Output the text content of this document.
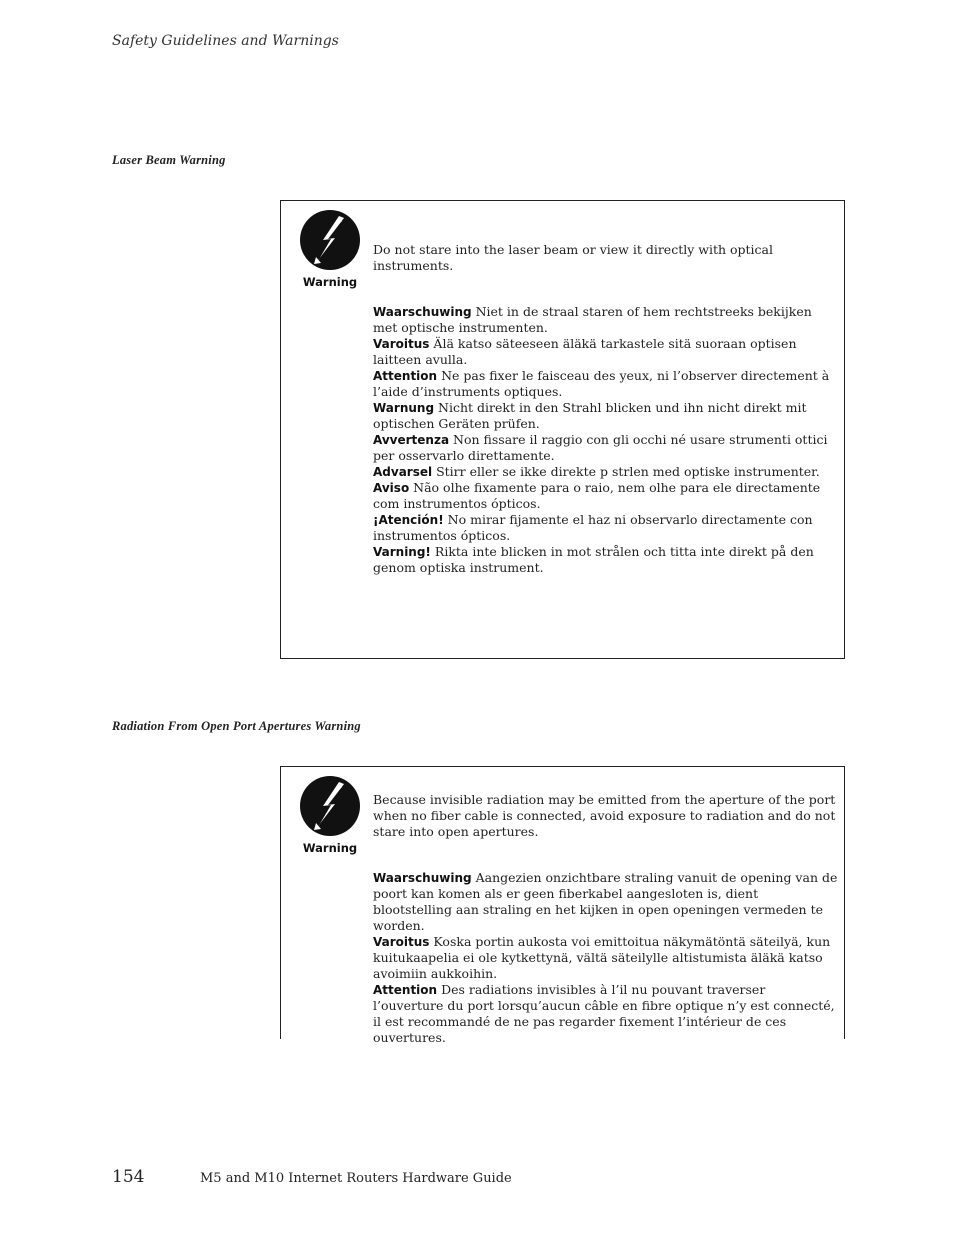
Safety Guidelines and Warnings
Laser Beam Warning
Warning

Do not stare into the laser beam or view it directly with optical instruments.

Waarschuwing Niet in de straal staren of hem rechtstreeks bekijken met optische instrumenten.

Varoitus Älä katso säteeseen äläkä tarkastele sitä suoraan optisen laitteen avulla.

Attention Ne pas fixer le faisceau des yeux, ni l’observer directement à l’aide d’instruments optiques.

Warnung Nicht direkt in den Strahl blicken und ihn nicht direkt mit optischen Geräten prüfen.

Avvertenza Non fissare il raggio con gli occhi né usare strumenti ottici per osservarlo direttamente.

Advarsel Stirr eller se ikke direkte p strlen med optiske instrumenter.

Aviso Não olhe fixamente para o raio, nem olhe para ele directamente com instrumentos ópticos.

¡Atención! No mirar fijamente el haz ni observarlo directamente con instrumentos ópticos.

Varning! Rikta inte blicken in mot strålen och titta inte direkt på den genom optiska instrument.

Radiation From Open Port Apertures Warning
Warning

Because invisible radiation may be emitted from the aperture of the port when no fiber cable is connected, avoid exposure to radiation and do not stare into open apertures.

Waarschuwing Aangezien onzichtbare straling vanuit de opening van de poort kan komen als er geen fiberkabel aangesloten is, dient blootstelling aan straling en het kijken in open openingen vermeden te worden.

Varoitus Koska portin aukosta voi emittoitua näkymätöntä säteilyä, kun kuitukaapelia ei ole kytkettynä, vältä säteilylle altistumista äläkä katso avoimiin aukkoihin.

Attention Des radiations invisibles à l’il nu pouvant traverser l’ouverture du port lorsqu’aucun câble en fibre optique n’y est connecté, il est recommandé de ne pas regarder fixement l’intérieur de ces ouvertures.

154	M5 and M10 Internet Routers Hardware Guide
